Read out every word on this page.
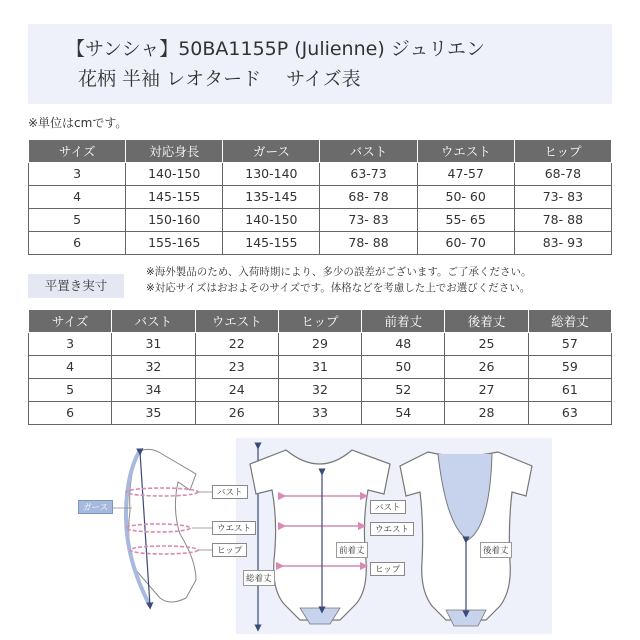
【サンシャ】50BA1155P (Julienne) ジュリエン
花柄 半袖 レオタード　 サイズ表
※単位はcmです。
サイズ	対応身長	ガース	バスト	ウエスト	ヒップ
3	140-150	130-140	63-73	47-57	68-78
4	145-155	135-145	68- 78	50- 60	73- 83
5	150-160	140-150	73- 83	55- 65	78- 88
6	155-165	145-155	78- 88	60- 70	83- 93
平置き実寸
※海外製品のため、入荷時期により、多少の誤差がございます。ご了承ください。
※対応サイズはおおよそのサイズです。体格などを考慮した上でお選びください。
サイズ	バスト	ウエスト	ヒップ	前着丈	後着丈	総着丈
3	31	22	29	48	25	57
4	32	23	31	50	26	59
5	34	24	32	52	27	61
6	35	26	33	54	28	63
ガース
バスト
ウエスト
ヒップ
総着丈
前着丈	後着丈
バスト
ウエスト
ヒップ
